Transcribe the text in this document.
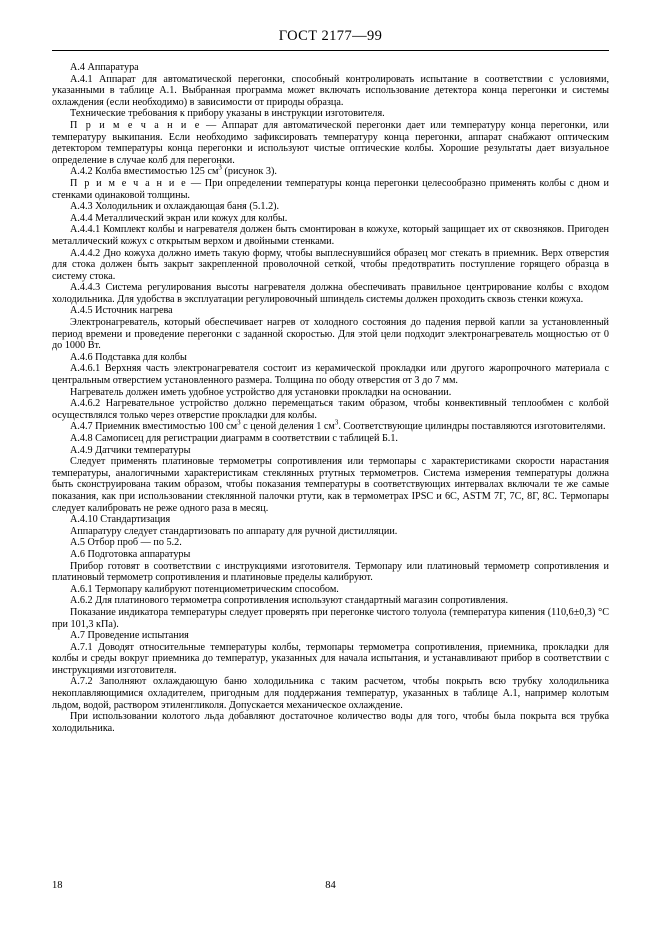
ГОСТ 2177—99

А.4 Аппаратура

А.4.1 Аппарат для автоматической перегонки, способный контролировать испытание в соответствии с условиями, указанными в таблице А.1. Выбранная программа может включать использование детектора конца перегонки и системы охлаждения (если необходимо) в зависимости от природы образца.

Технические требования к прибору указаны в инструкции изготовителя.

П р и м е ч а н и е — Аппарат для автоматической перегонки дает или температуру конца перегонки, или температуру выкипания. Если необходимо зафиксировать температуру конца перегонки, аппарат снабжают оптическим детектором температуры конца перегонки и используют чистые оптические колбы. Хорошие результаты дает визуальное определение в случае колб для перегонки.

А.4.2 Колба вместимостью 125 $см^3$ (рисунок 3).

П р и м е ч а н и е — При определении температуры конца перегонки целесообразно применять колбы с дном и стенками одинаковой толщины.

А.4.3 Холодильник и охлаждающая баня (5.1.2).

А.4.4 Металлический экран или кожух для колбы.

А.4.4.1 Комплект колбы и нагревателя должен быть смонтирован в кожухе, который защищает их от сквозняков. Пригоден металлический кожух с открытым верхом и двойными стенками.

А.4.4.2 Дно кожуха должно иметь такую форму, чтобы выплеснувшийся образец мог стекать в приемник. Верх отверстия для стока должен быть закрыт закрепленной проволочной сеткой, чтобы предотвратить поступление горящего образца в систему стока.

А.4.4.3 Система регулирования высоты нагревателя должна обеспечивать правильное центрирование колбы с входом холодильника. Для удобства в эксплуатации регулировочный шпиндель системы должен проходить сквозь стенки кожуха.

А.4.5 Источник нагрева

Электронагреватель, который обеспечивает нагрев от холодного состояния до падения первой капли за установленный период времени и проведение перегонки с заданной скоростью. Для этой цели подходит электронагреватель мощностью от 0 до 1000 Вт.

А.4.6 Подставка для колбы

А.4.6.1 Верхняя часть электронагревателя состоит из керамической прокладки или другого жаропрочного материала с центральным отверстием установленного размера. Толщина по ободу отверстия от 3 до 7 мм.

Нагреватель должен иметь удобное устройство для установки прокладки на основании.

А.4.6.2 Нагревательное устройство должно перемещаться таким образом, чтобы конвективный теплообмен с колбой осуществлялся только через отверстие прокладки для колбы.

А.4.7 Приемник вместимостью 100 $см^3$ с ценой деления 1 $см^3$. Соответствующие цилиндры поставляются изготовителями.

А.4.8 Самописец для регистрации диаграмм в соответствии с таблицей Б.1.

А.4.9 Датчики температуры

Следует применять платиновые термометры сопротивления или термопары с характеристиками скорости нарастания температуры, аналогичными характеристикам стеклянных ртутных термометров. Система измерения температуры должна быть сконструирована таким образом, чтобы показания температуры в соответствующих интервалах включали те же самые показания, как при использовании стеклянной палочки ртути, как в термометрах IPSC и 6С, ASTM 7Г, 7С, 8Г, 8С. Термопары следует калибровать не реже одного раза в месяц.

А.4.10 Стандартизация

Аппаратуру следует стандартизовать по аппарату для ручной дистилляции.

А.5 Отбор проб — по 5.2.

А.6 Подготовка аппаратуры

Прибор готовят в соответствии с инструкциями изготовителя. Термопару или платиновый термометр сопротивления и платиновый термометр сопротивления и платиновые пределы калибруют.

А.6.1 Термопару калибруют потенциометрическим способом.

А.6.2 Для платинового термометра сопротивления используют стандартный магазин сопротивления.

Показание индикатора температуры следует проверять при перегонке чистого толуола (температура кипения (110,6±0,3) °С при 101,3 кПа).

А.7 Проведение испытания

А.7.1 Доводят относительные температуры колбы, термопары термометра сопротивления, приемника, прокладки для колбы и среды вокруг приемника до температур, указанных для начала испытания, и устанавливают прибор в соответствии с инструкциями изготовителя.

А.7.2 Заполняют охлаждающую баню холодильника с таким расчетом, чтобы покрыть всю трубку холодильника некоплавляющимися охладителем, пригодным для поддержания температур, указанных в таблице А.1, например колотым льдом, водой, раствором этиленгликоля. Допускается механическое охлаждение.

При использовании колотого льда добавляют достаточное количество воды для того, чтобы была покрыта вся трубка холодильника.

18	84
